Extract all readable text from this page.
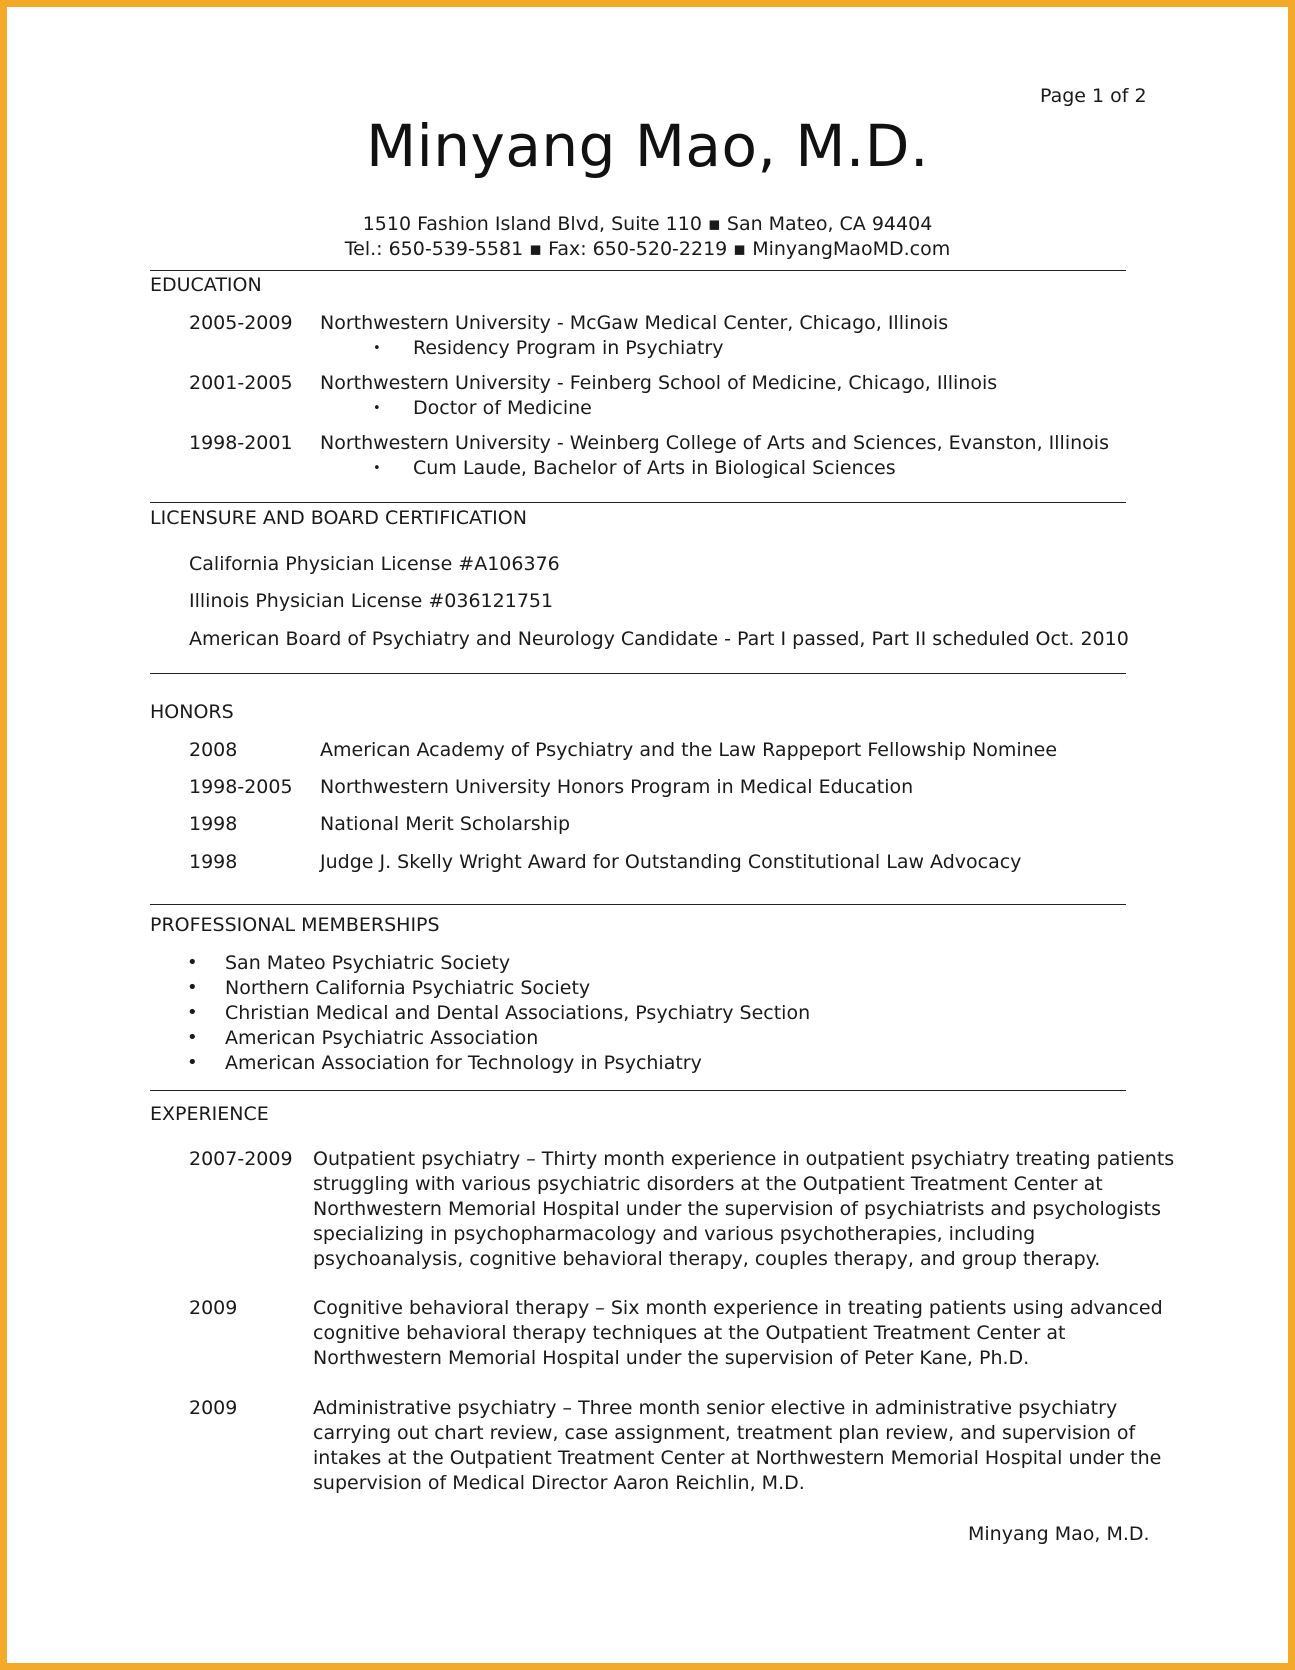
Page 1 of 2
Minyang Mao, M.D.
1510 Fashion Island Blvd, Suite 110 ▪ San Mateo, CA 94404
Tel.: 650-539-5581 ▪ Fax: 650-520-2219 ▪ MinyangMaoMD.com
EDUCATION
2005-2009 Northwestern University - McGaw Medical Center, Chicago, Illinois
• Residency Program in Psychiatry
2001-2005 Northwestern University - Feinberg School of Medicine, Chicago, Illinois
• Doctor of Medicine
1998-2001 Northwestern University - Weinberg College of Arts and Sciences, Evanston, Illinois
• Cum Laude, Bachelor of Arts in Biological Sciences
LICENSURE AND BOARD CERTIFICATION
California Physician License #A106376
Illinois Physician License #036121751
American Board of Psychiatry and Neurology Candidate - Part I passed, Part II scheduled Oct. 2010
HONORS
2008	American Academy of Psychiatry and the Law Rappeport Fellowship Nominee
1998-2005 Northwestern University Honors Program in Medical Education
1998	National Merit Scholarship
1998	Judge J. Skelly Wright Award for Outstanding Constitutional Law Advocacy
PROFESSIONAL MEMBERSHIPS
• San Mateo Psychiatric Society
• Northern California Psychiatric Society
• Christian Medical and Dental Associations, Psychiatry Section
• American Psychiatric Association
• American Association for Technology in Psychiatry
EXPERIENCE
2007-2009 Outpatient psychiatry – Thirty month experience in outpatient psychiatry treating patients
struggling with various psychiatric disorders at the Outpatient Treatment Center at
Northwestern Memorial Hospital under the supervision of psychiatrists and psychologists
specializing in psychopharmacology and various psychotherapies, including
psychoanalysis, cognitive behavioral therapy, couples therapy, and group therapy.
2009	Cognitive behavioral therapy – Six month experience in treating patients using advanced
cognitive behavioral therapy techniques at the Outpatient Treatment Center at
Northwestern Memorial Hospital under the supervision of Peter Kane, Ph.D.
2009	Administrative psychiatry – Three month senior elective in administrative psychiatry
carrying out chart review, case assignment, treatment plan review, and supervision of
intakes at the Outpatient Treatment Center at Northwestern Memorial Hospital under the
supervision of Medical Director Aaron Reichlin, M.D.
Minyang Mao, M.D.
